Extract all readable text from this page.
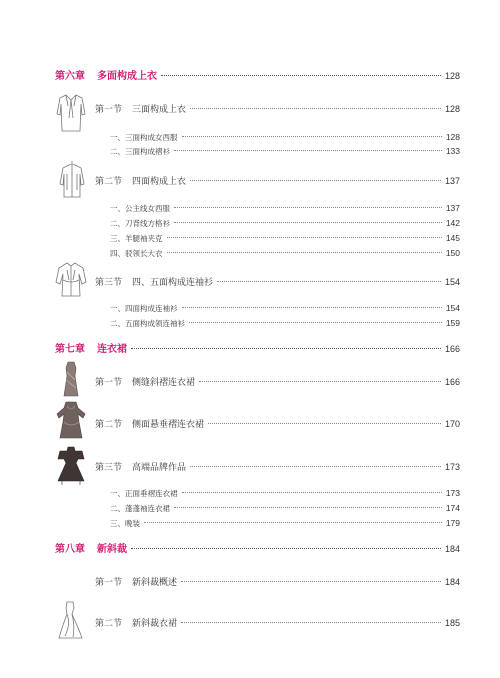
第六章	多面构成上衣	128
第一节	三面构成上衣	128
一、三面构成女西服	128
二、三面构成褶衫	133
第二节	四面构成上衣	137
一、公主线女西服	137
二、刀背线方格衫	142
三、羊腿袖夹克	145
四、驳领长大衣	150
第三节	四、五面构成连袖衫	154
一、四面构成连袖衫	154
二、五面构成领连袖衫	159
第七章	连衣裙	166
第一节	侧缝斜褶连衣裙	166
第二节	侧面悬垂褶连衣裙	170
第三节	高端品牌作品	173
一、正面垂褶连衣裙	173
二、蓬蓬袖连衣裙	174
三、晚装	179
第八章	新斜裁	184
第一节	新斜裁概述	184
第二节	新斜裁衣裙	185
